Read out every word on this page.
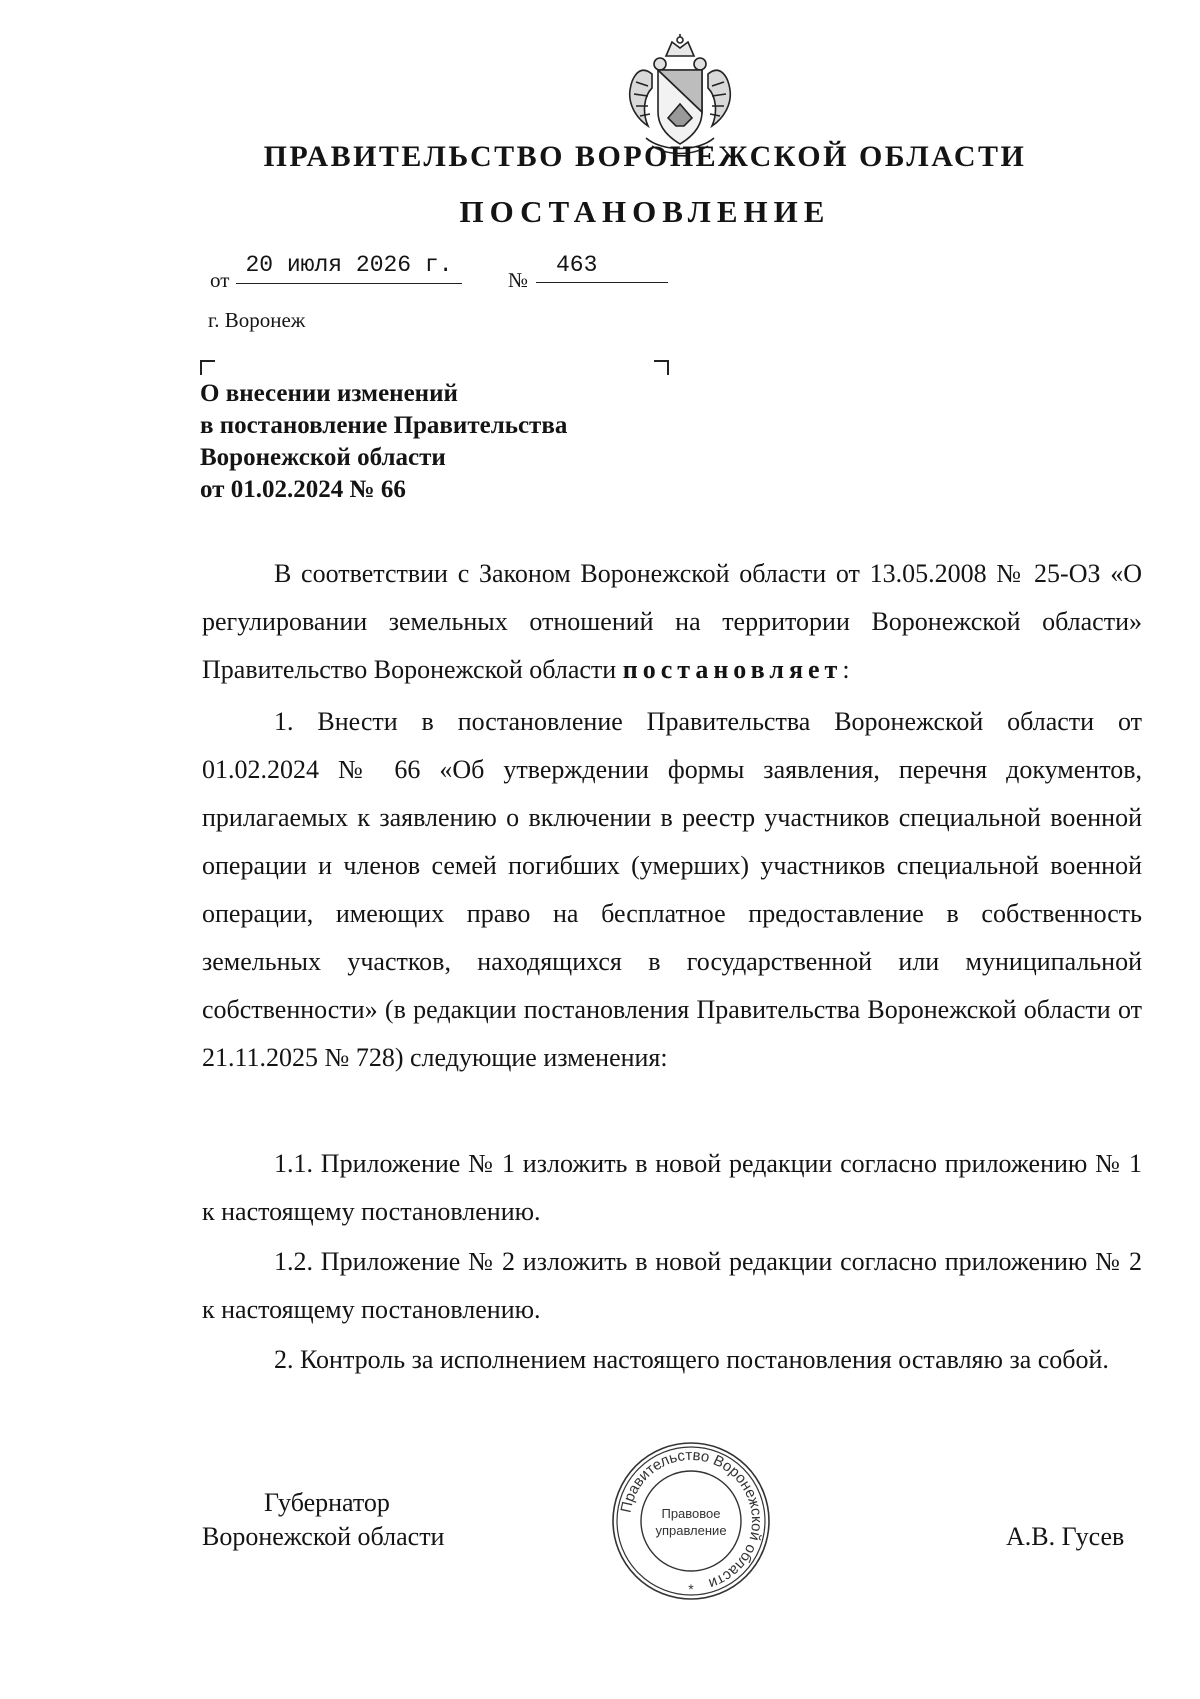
ПРАВИТЕЛЬСТВО ВОРОНЕЖСКОЙ ОБЛАСТИ
ПОСТАНОВЛЕНИЕ
от
20 июля 2026 г.
№
463
г. Воронеж
О внесении изменений
в постановление Правительства
Воронежской области
от 01.02.2024 № 66
В соответствии с Законом Воронежской области от 13.05.2008 № 25-ОЗ «О регулировании земельных отношений на территории Воронежской области» Правительство Воронежской области постановляет:
1. Внести в постановление Правительства Воронежской области от 01.02.2024 № 66 «Об утверждении формы заявления, перечня документов, прилагаемых к заявлению о включении в реестр участников специальной военной операции и членов семей погибших (умерших) участников специальной военной операции, имеющих право на бесплатное предоставление в собственность земельных участков, находящихся в государственной или муниципальной собственности» (в редакции постановления Правительства Воронежской области от 21.11.2025 № 728) следующие изменения:
1.1. Приложение № 1 изложить в новой редакции согласно приложению № 1 к настоящему постановлению.
1.2. Приложение № 2 изложить в новой редакции согласно приложению № 2 к настоящему постановлению.
2. Контроль за исполнением настоящего постановления оставляю за собой.
Губернатор
Воронежской области	А.В. Гусев
Правительство Воронежской области
Правовое
управление
*
